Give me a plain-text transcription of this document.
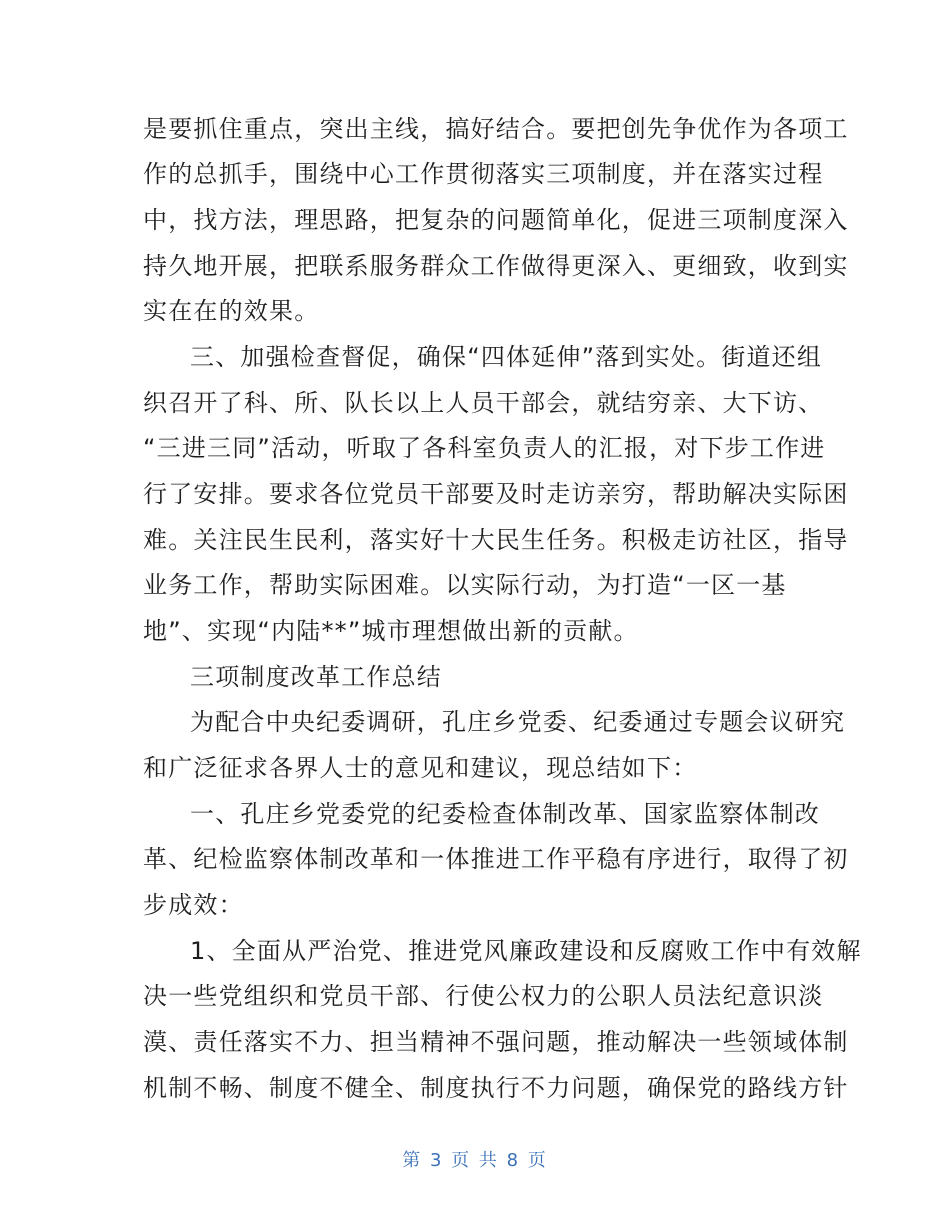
是要抓住重点，突出主线，搞好结合。要把创先争优作为各项工
作的总抓手，围绕中心工作贯彻落实三项制度，并在落实过程
中，找方法，理思路，把复杂的问题简单化，促进三项制度深入
持久地开展，把联系服务群众工作做得更深入、更细致，收到实
实在在的效果。
三、加强检查督促，确保“四体延伸”落到实处。街道还组
织召开了科、所、队长以上人员干部会，就结穷亲、大下访、
“三进三同”活动，听取了各科室负责人的汇报，对下步工作进
行了安排。要求各位党员干部要及时走访亲穷，帮助解决实际困
难。关注民生民利，落实好十大民生任务。积极走访社区，指导
业务工作，帮助实际困难。以实际行动，为打造“一区一基
地”、实现“内陆**”城市理想做出新的贡献。
三项制度改革工作总结
为配合中央纪委调研，孔庄乡党委、纪委通过专题会议研究
和广泛征求各界人士的意见和建议，现总结如下：
一、孔庄乡党委党的纪委检查体制改革、国家监察体制改
革、纪检监察体制改革和一体推进工作平稳有序进行，取得了初
步成效：
1、全面从严治党、推进党风廉政建设和反腐败工作中有效解
决一些党组织和党员干部、行使公权力的公职人员法纪意识淡
漠、责任落实不力、担当精神不强问题，推动解决一些领域体制
机制不畅、制度不健全、制度执行不力问题，确保党的路线方针
第 3 页 共 8 页
